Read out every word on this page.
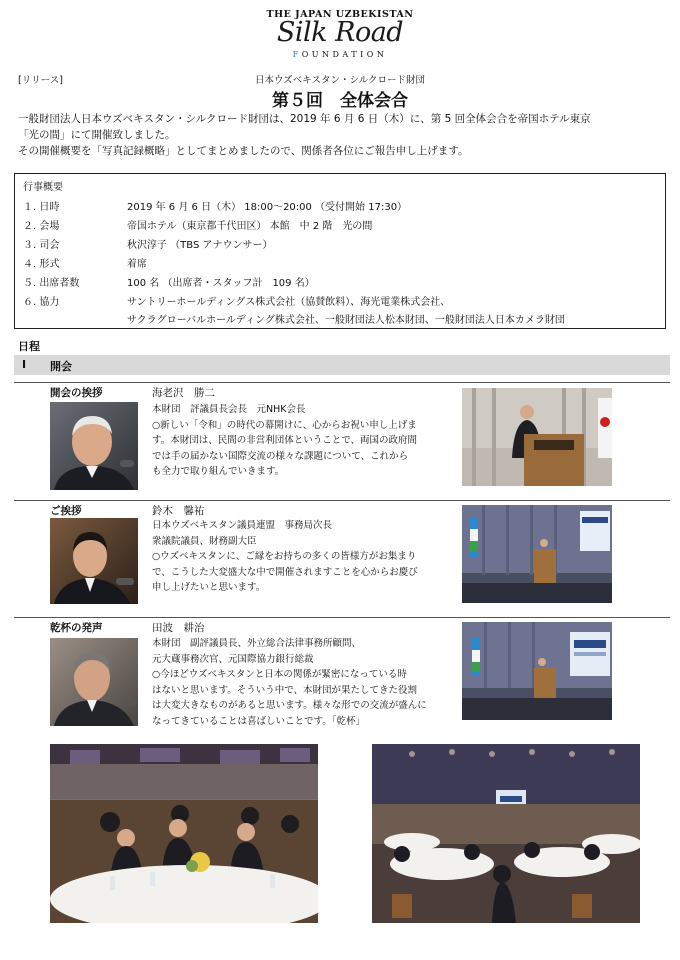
THE JAPAN UZBEKISTAN
Silk Road
FOUNDATION
[リリース]	日本ウズベキスタン・シルクロード財団
第５回　全体会合
一般財団法人日本ウズベキスタン・シルクロード財団は、2019 年 6 月 6 日（木）に、第 5 回全体会合を帝国ホテル東京
「光の間」にて開催致しました。
その開催概要を「写真記録概略」としてまとめましたので、関係者各位にご報告申し上げます。
行事概要
１. 日時	2019 年 6 月 6 日（木） 18:00～20:00 （受付開始 17:30）
２. 会場	帝国ホテル（東京都千代田区） 本館　中 2 階　光の間
３. 司会	秋沢淳子 （TBS アナウンサー）
４. 形式	着席
５. 出席者数	100 名 （出席者・スタッフ計　109 名）
６. 協力	サントリーホールディングス株式会社（協賛飲料）、海光電業株式会社、
サクラグローバルホールディング株式会社、一般財団法人松本財団、一般財団法人日本カメラ財団
日程
Ⅰ 開会
開会の挨拶	海老沢　勝二
本財団　評議員長会長　元NHK会長
○新しい「令和」の時代の幕開けに、心からお祝い申し上げま
す。本財団は、民間の非営利団体ということで、両国の政府間
では手の届かない国際交流の様々な課題について、これから
も全力で取り組んでいきます。
ご挨拶	鈴木　馨祐
日本ウズベキスタン議員連盟　事務局次長
衆議院議員、財務副大臣
○ウズベキスタンに、ご縁をお持ちの多くの皆様方がお集まり
で、こうした大変盛大な中で開催されますことを心からお慶び
申し上げたいと思います。
乾杯の発声	田波　耕治
本財団　副評議員長、外立総合法律事務所顧問、
元大蔵事務次官、元国際協力銀行総裁
○今ほどウズベキスタンと日本の関係が緊密になっている時
はないと思います。そういう中で、本財団が果たしてきた役割
は大変大きなものがあると思います。様々な形での交流が盛んに
なってきていることは喜ばしいことです。「乾杯」
